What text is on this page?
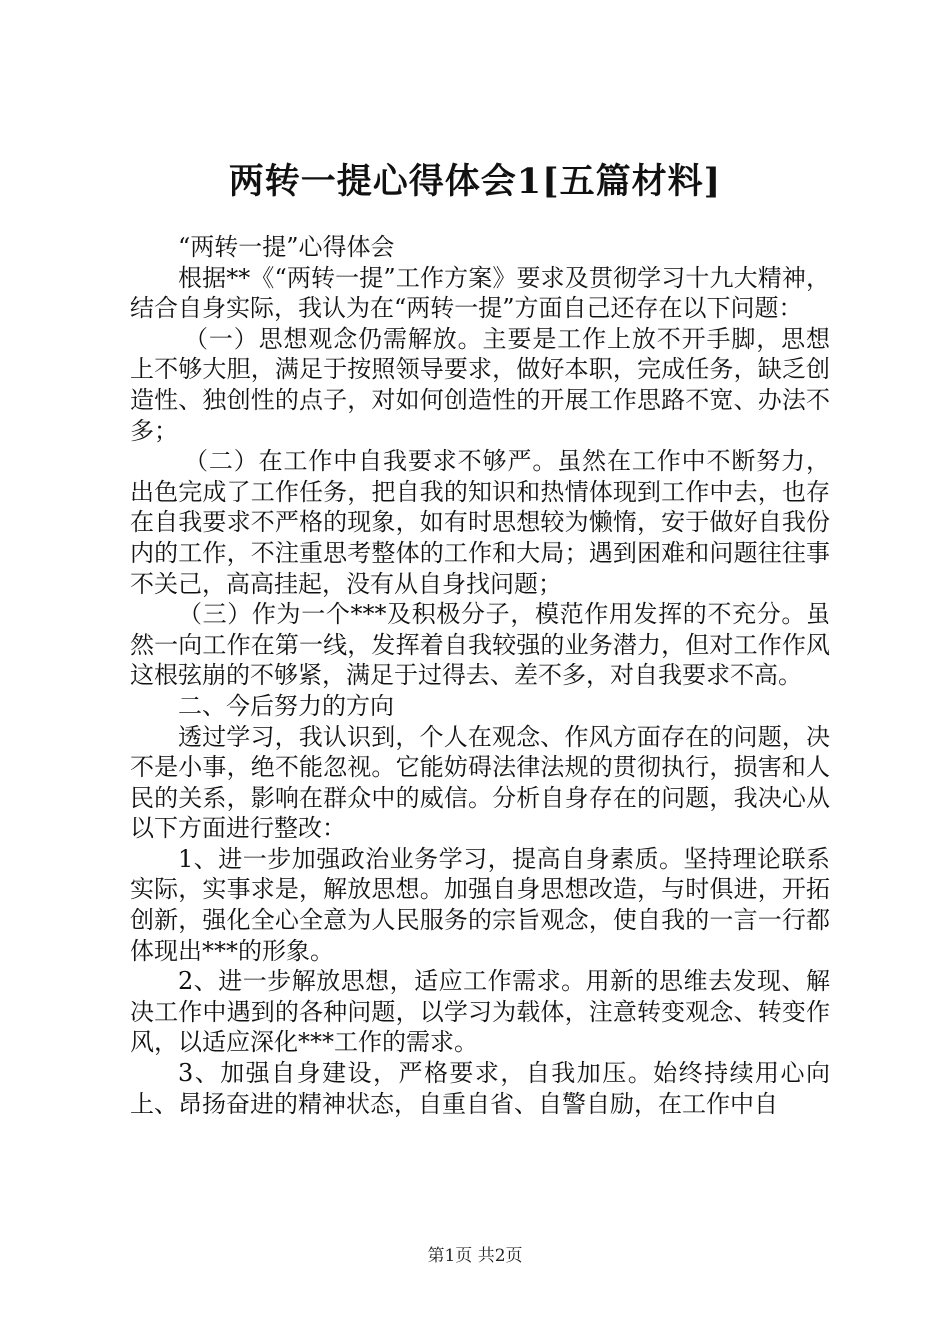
两转一提心得体会1[五篇材料]

“两转一提”心得体会

根据**《“两转一提”工作方案》要求及贯彻学习十九大精神，结合自身实际，我认为在“两转一提”方面自己还存在以下问题：

（一）思想观念仍需解放。主要是工作上放不开手脚，思想上不够大胆，满足于按照领导要求，做好本职，完成任务，缺乏创造性、独创性的点子，对如何创造性的开展工作思路不宽、办法不多；

（二）在工作中自我要求不够严。虽然在工作中不断努力，出色完成了工作任务，把自我的知识和热情体现到工作中去，也存在自我要求不严格的现象，如有时思想较为懒惰，安于做好自我份内的工作，不注重思考整体的工作和大局；遇到困难和问题往往事不关己，高高挂起，没有从自身找问题；

（三）作为一个***及积极分子，模范作用发挥的不充分。虽然一向工作在第一线，发挥着自我较强的业务潜力，但对工作作风这根弦崩的不够紧，满足于过得去、差不多，对自我要求不高。

二、今后努力的方向

透过学习，我认识到，个人在观念、作风方面存在的问题，决不是小事，绝不能忽视。它能妨碍法律法规的贯彻执行，损害和人民的关系，影响在群众中的威信。分析自身存在的问题，我决心从以下方面进行整改：

1、进一步加强政治业务学习，提高自身素质。坚持理论联系实际，实事求是，解放思想。加强自身思想改造，与时俱进，开拓创新，强化全心全意为人民服务的宗旨观念，使自我的一言一行都体现出***的形象。

2、进一步解放思想，适应工作需求。用新的思维去发现、解决工作中遇到的各种问题，以学习为载体，注意转变观念、转变作风，以适应深化***工作的需求。

3、加强自身建设，严格要求，自我加压。始终持续用心向上、昂扬奋进的精神状态，自重自省、自警自励，在工作中自

第1页 共2页
